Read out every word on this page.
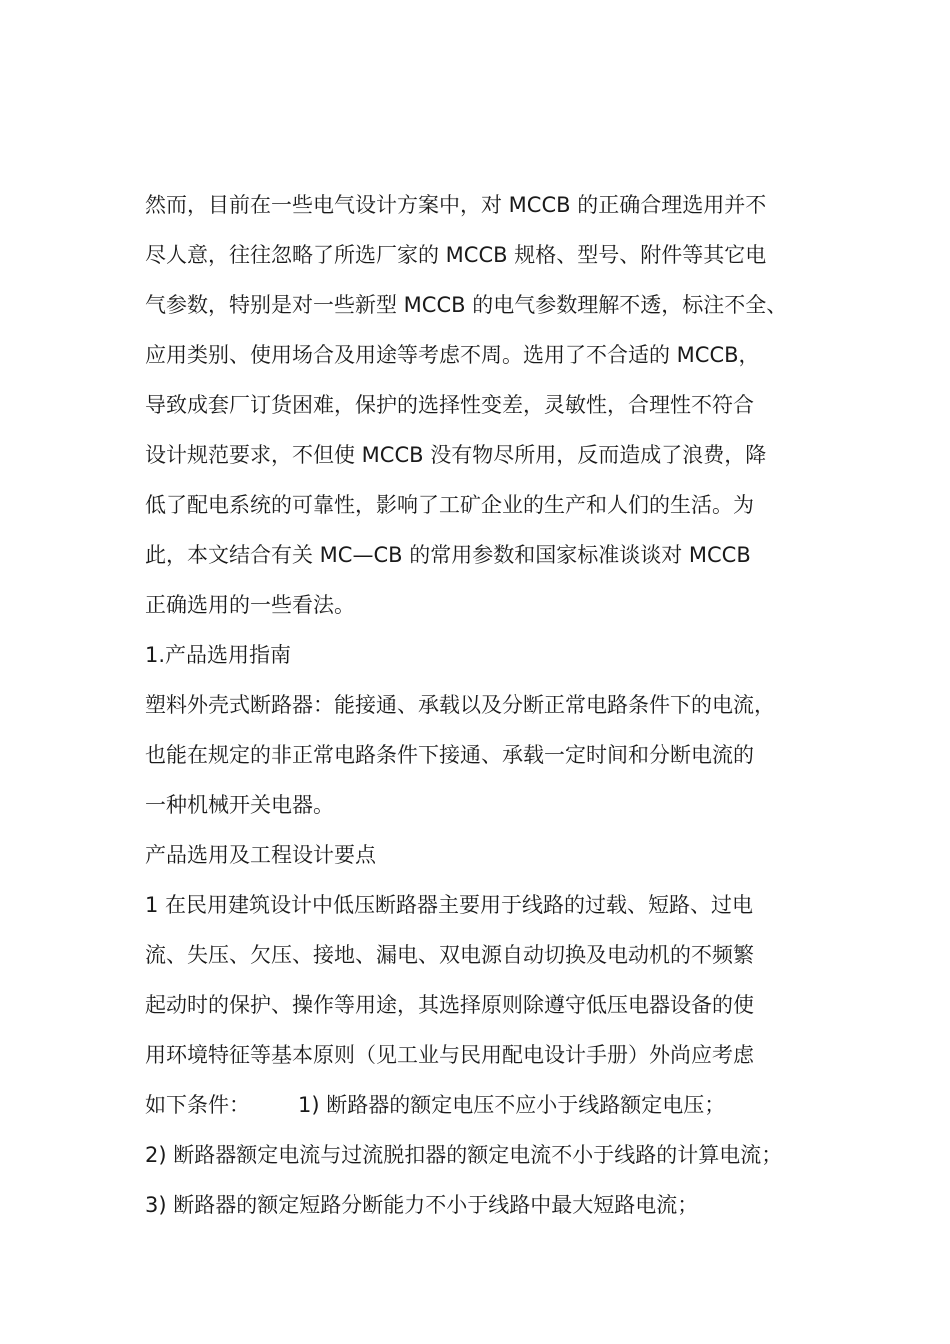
然而，目前在一些电气设计方案中，对 MCCB 的正确合理选用并不
尽人意，往往忽略了所选厂家的 MCCB 规格、型号、附件等其它电
气参数，特别是对一些新型 MCCB 的电气参数理解不透，标注不全、
应用类别、使用场合及用途等考虑不周。选用了不合适的 MCCB，
导致成套厂订货困难，保护的选择性变差，灵敏性，合理性不符合
设计规范要求，不但使 MCCB 没有物尽所用，反而造成了浪费，降
低了配电系统的可靠性，影响了工矿企业的生产和人们的生活。为
此，本文结合有关 MC—CB 的常用参数和国家标准谈谈对 MCCB
正确选用的一些看法。
1.产品选用指南
塑料外壳式断路器：能接通、承载以及分断正常电路条件下的电流，
也能在规定的非正常电路条件下接通、承载一定时间和分断电流的
一种机械开关电器。
产品选用及工程设计要点
1 在民用建筑设计中低压断路器主要用于线路的过载、短路、过电
流、失压、欠压、接地、漏电、双电源自动切换及电动机的不频繁
起动时的保护、操作等用途，其选择原则除遵守低压电器设备的使
用环境特征等基本原则（见工业与民用配电设计手册）外尚应考虑
如下条件： 1) 断路器的额定电压不应小于线路额定电压；
2) 断路器额定电流与过流脱扣器的额定电流不小于线路的计算电流；
3) 断路器的额定短路分断能力不小于线路中最大短路电流；
